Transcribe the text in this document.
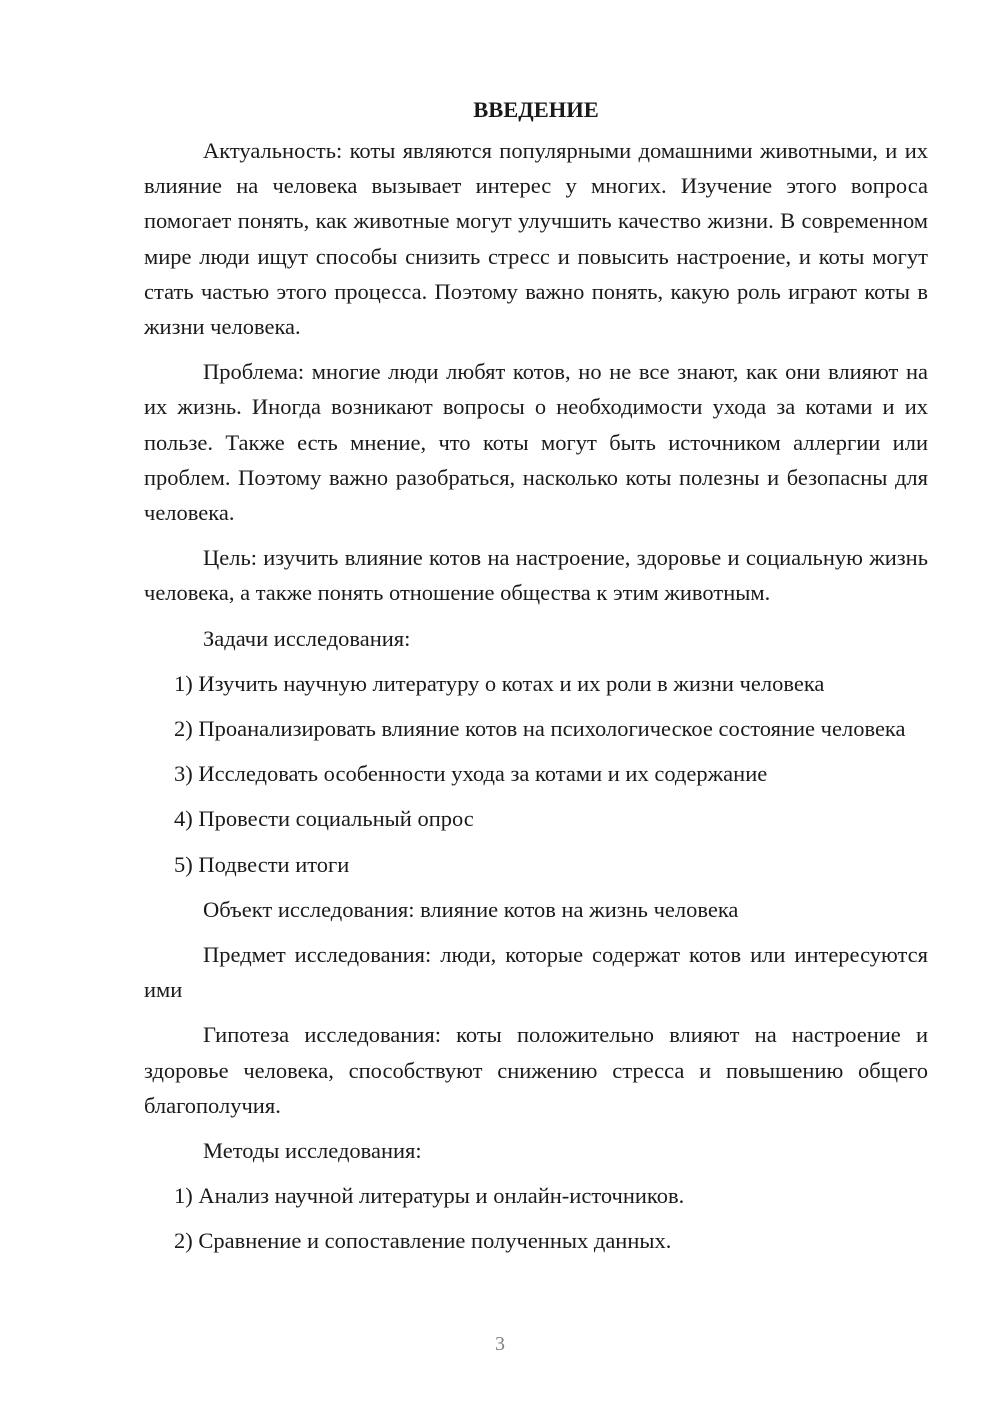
ВВЕДЕНИЕ

Актуальность: коты являются популярными домашними животными, и их влияние на человека вызывает интерес у многих. Изучение этого вопроса помогает понять, как животные могут улучшить качество жизни. В современном мире люди ищут способы снизить стресс и повысить настроение, и коты могут стать частью этого процесса. Поэтому важно понять, какую роль играют коты в жизни человека.

Проблема: многие люди любят котов, но не все знают, как они влияют на их жизнь. Иногда возникают вопросы о необходимости ухода за котами и их пользе. Также есть мнение, что коты могут быть источником аллергии или проблем. Поэтому важно разобраться, насколько коты полезны и безопасны для человека.

Цель: изучить влияние котов на настроение, здоровье и социальную жизнь человека, а также понять отношение общества к этим животным.

Задачи исследования:

1) Изучить научную литературу о котах и их роли в жизни человека

2) Проанализировать влияние котов на психологическое состояние человека

3) Исследовать особенности ухода за котами и их содержание

4) Провести социальный опрос

5) Подвести итоги

Объект исследования: влияние котов на жизнь человека

Предмет исследования: люди, которые содержат котов или интересуются ими

Гипотеза исследования: коты положительно влияют на настроение и здоровье человека, способствуют снижению стресса и повышению общего благополучия.

Методы исследования:

1) Анализ научной литературы и онлайн-источников.

2) Сравнение и сопоставление полученных данных.

3
